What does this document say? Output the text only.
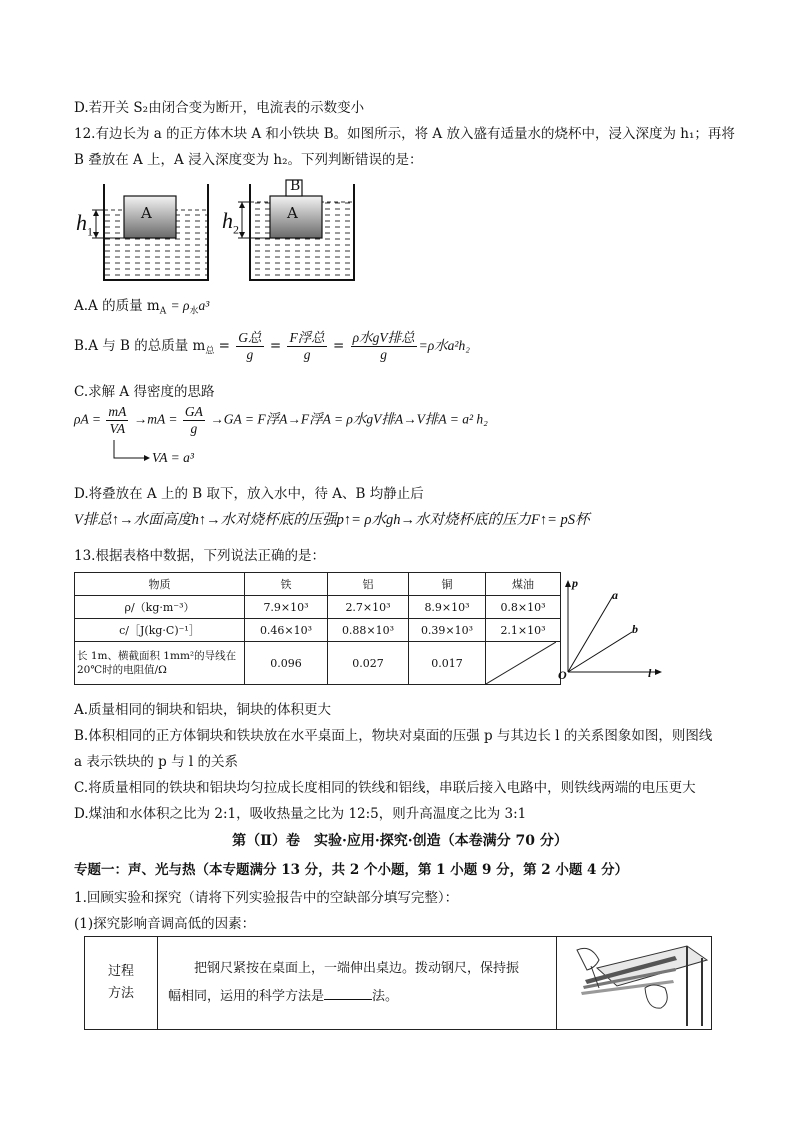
D.若开关 S₂由闭合变为断开，电流表的示数变小
12.有边长为 a 的正方体木块 A 和小铁块 B。如图所示，将 A 放入盛有适量水的烧杯中，浸入深度为 h₁；再将
B 叠放在 A 上，A 浸入深度变为 h₂。下列判断错误的是：
$h_1$
A	$h_2$
A
B
A.A 的质量 $m_A = \rho_水a^3$
B.A 与 B 的总质量 $m_总 = \frac{\text{G总}}{g} = \frac{\text{F浮总}}{g} = \frac{\text{ρ水gV排总}}{g} =\rho$水a²h₂
C.求解 A 得密度的思路
$\rho A = \frac{mA}{VA} \to mA = \frac{GA}{g} \to GA = F$浮A→F浮A = ρ水gV排A→V排A = a² h₂
VA = a³
D.将叠放在 A 上的 B 取下，放入水中，待 A、B 均静止后
V排总↑→水面高度h↑→水对烧杯底的压强p↑= ρ水gh→水对烧杯底的压力F↑= pS杯
13.根据表格中数据，下列说法正确的是：
物质	铁	铝	铜	煤油
ρ/（kg·m⁻³）	7.9×10³	2.7×10³	8.9×10³	0.8×10³
c/［J(kg·C)⁻¹］	0.46×10³	0.88×10³	0.39×10³	2.1×10³
长 1m、横截面积 1mm²的导线在 20℃时的电阻值/Ω	0.096	0.027	0.017	
p
O	l
a
b
A.质量相同的铜块和铝块，铜块的体积更大
B.体积相同的正方体铜块和铁块放在水平桌面上，物块对桌面的压强 p 与其边长 l 的关系图象如图，则图线
a 表示铁块的 p 与 l 的关系
C.将质量相同的铁块和铝块均匀拉成长度相同的铁线和铝线，串联后接入电路中，则铁线两端的电压更大
D.煤油和水体积之比为 2:1，吸收热量之比为 12:5，则升高温度之比为 3:1
第（Ⅱ）卷　实验·应用·探究·创造（本卷满分 70 分）
专题一：声、光与热（本专题满分 13 分，共 2 个小题，第 1 小题 9 分，第 2 小题 4 分）
1.回顾实验和探究（请将下列实验报告中的空缺部分填写完整）：
(1)探究影响音调高低的因素：
过程方法

把钢尺紧按在桌面上，一端伸出桌边。拨动钢尺，保持振
幅相同，运用的科学方法是	法。
